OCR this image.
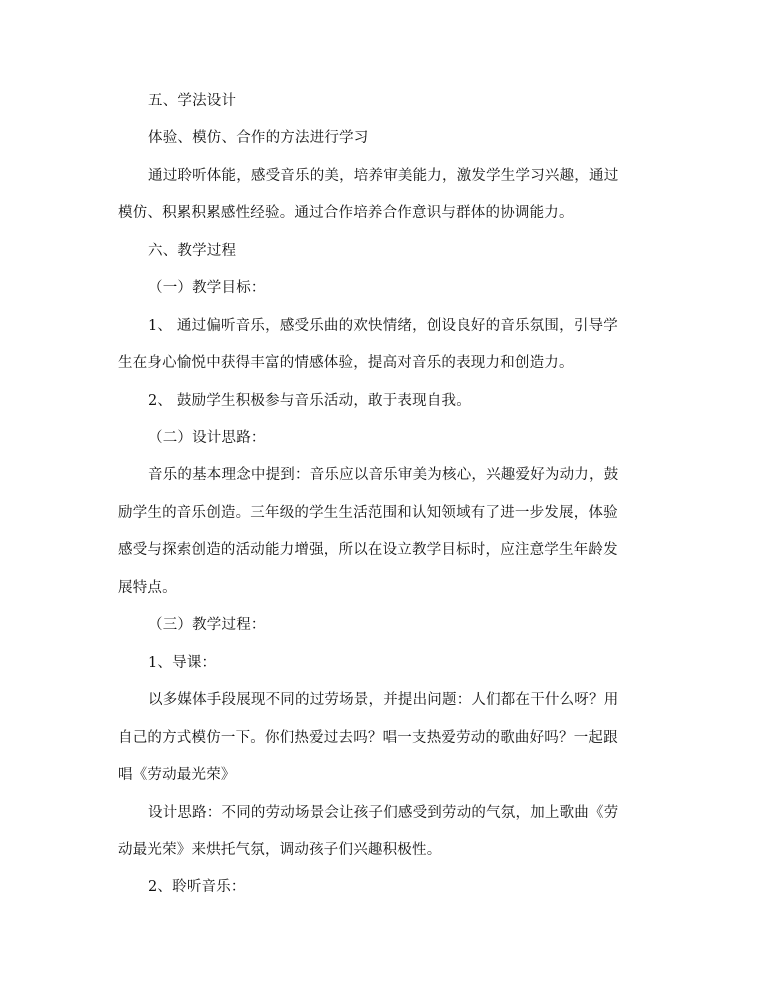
五、学法设计
体验、模仿、合作的方法进行学习
通过聆听体能，感受音乐的美，培养审美能力，激发学生学习兴趣，通过
模仿、积累积累感性经验。通过合作培养合作意识与群体的协调能力。
六、教学过程
（一）教学目标：
1、 通过偏听音乐，感受乐曲的欢快情绪，创设良好的音乐氛围，引导学
生在身心愉悦中获得丰富的情感体验，提高对音乐的表现力和创造力。
2、 鼓励学生积极参与音乐活动，敢于表现自我。
（二）设计思路：
音乐的基本理念中提到：音乐应以音乐审美为核心，兴趣爱好为动力，鼓
励学生的音乐创造。三年级的学生生活范围和认知领域有了进一步发展，体验
感受与探索创造的活动能力增强，所以在设立教学目标时，应注意学生年龄发
展特点。
（三）教学过程：
1、导课：
以多媒体手段展现不同的过劳场景，并提出问题：人们都在干什么呀？用
自己的方式模仿一下。你们热爱过去吗？唱一支热爱劳动的歌曲好吗？一起跟
唱《劳动最光荣》
设计思路：不同的劳动场景会让孩子们感受到劳动的气氛，加上歌曲《劳
动最光荣》来烘托气氛，调动孩子们兴趣积极性。
2、聆听音乐：
